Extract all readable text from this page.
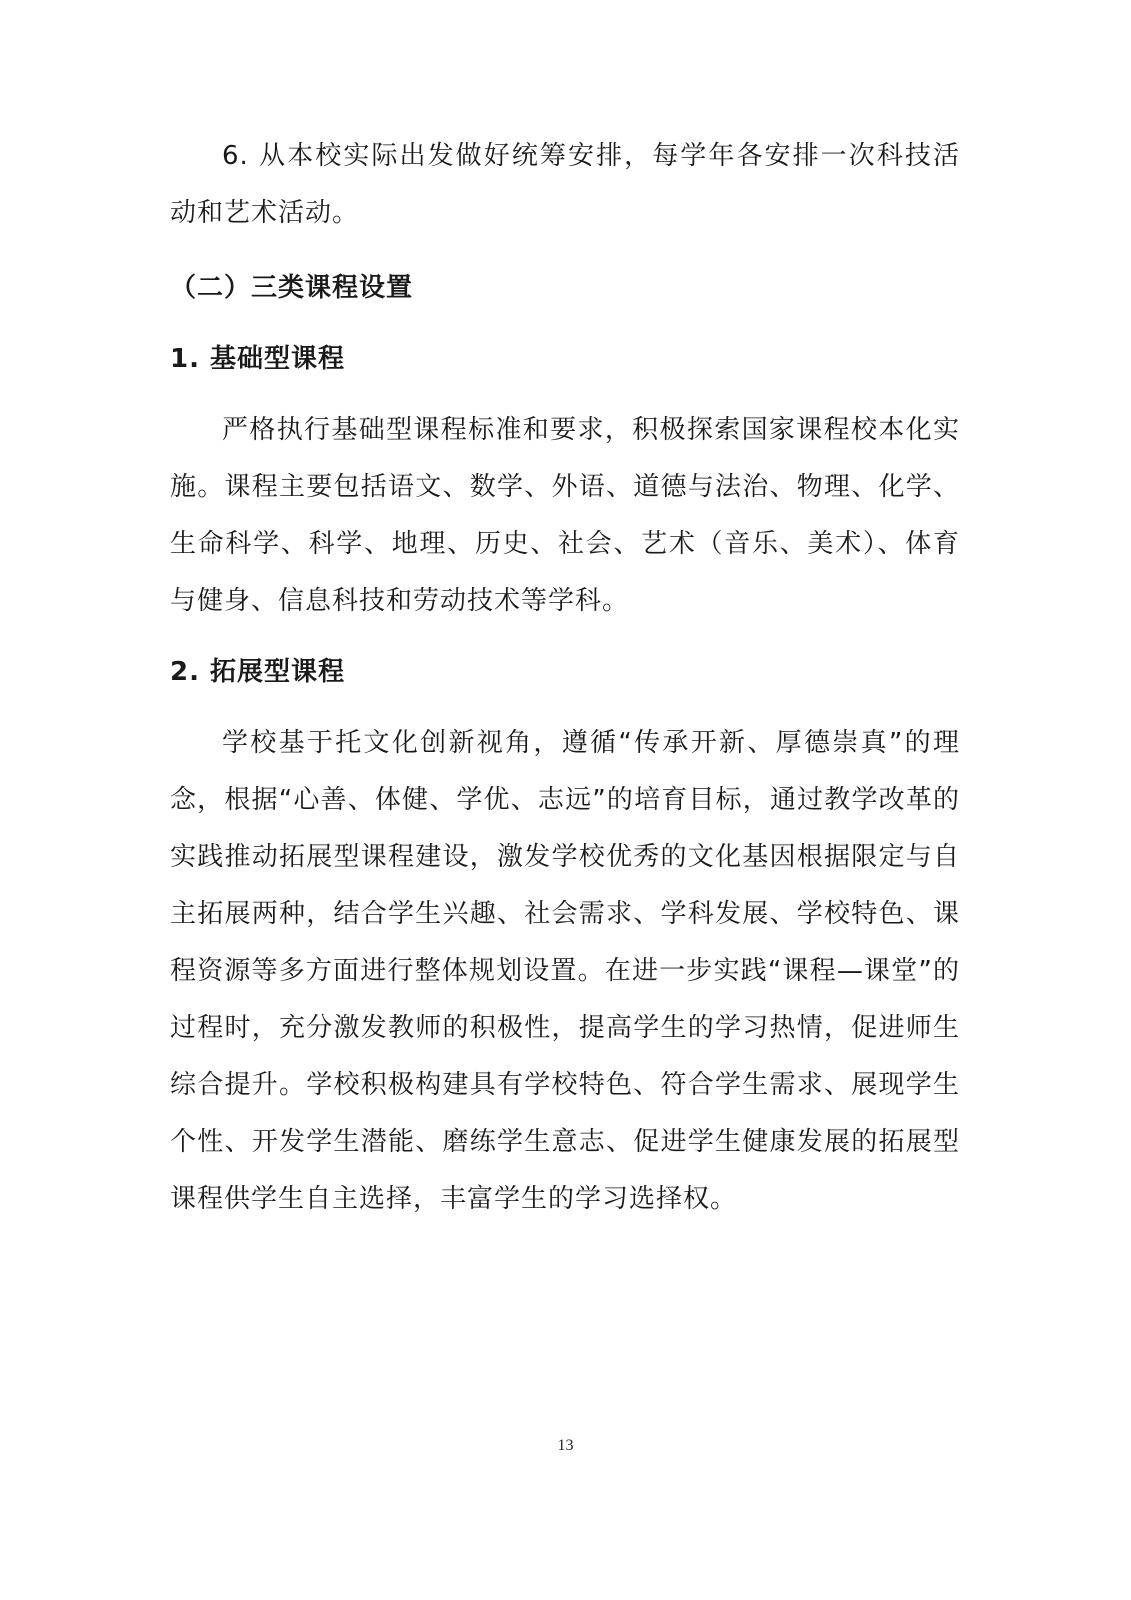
6. 从本校实际出发做好统筹安排，每学年各安排一次科技活动和艺术活动。

（二）三类课程设置

1. 基础型课程

严格执行基础型课程标准和要求，积极探索国家课程校本化实施。课程主要包括语文、数学、外语、道德与法治、物理、化学、生命科学、科学、地理、历史、社会、艺术（音乐、美术）、体育与健身、信息科技和劳动技术等学科。

2. 拓展型课程

学校基于托文化创新视角，遵循“传承开新、厚德崇真”的理念，根据“心善、体健、学优、志远”的培育目标，通过教学改革的实践推动拓展型课程建设，激发学校优秀的文化基因根据限定与自主拓展两种，结合学生兴趣、社会需求、学科发展、学校特色、课程资源等多方面进行整体规划设置。在进一步实践“课程—课堂”的过程时，充分激发教师的积极性，提高学生的学习热情，促进师生综合提升。学校积极构建具有学校特色、符合学生需求、展现学生个性、开发学生潜能、磨练学生意志、促进学生健康发展的拓展型课程供学生自主选择，丰富学生的学习选择权。

13
